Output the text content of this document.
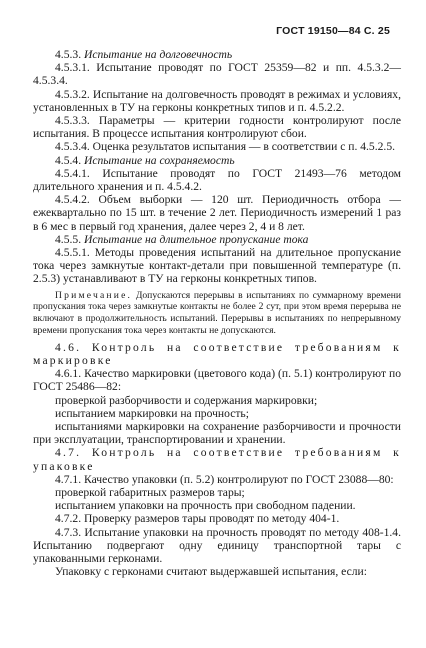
ГОСТ 19150—84 С. 25

4.5.3. Испытание на долговечность

4.5.3.1. Испытание проводят по ГОСТ 25359—82 и пп. 4.5.3.2—4.5.3.4.

4.5.3.2. Испытание на долговечность проводят в режимах и условиях, установленных в ТУ на герконы конкретных типов и п. 4.5.2.2.

4.5.3.3. Параметры — критерии годности контролируют после испытания. В процессе испытания контролируют сбои.

4.5.3.4. Оценка результатов испытания — в соответствии с п. 4.5.2.5.

4.5.4. Испытание на сохраняемость

4.5.4.1. Испытание проводят по ГОСТ 21493—76 методом длительного хранения и п. 4.5.4.2.

4.5.4.2. Объем выборки — 120 шт. Периодичность отбора — ежеквартально по 15 шт. в течение 2 лет. Периодичность измерений 1 раз в 6 мес в первый год хранения, далее через 2, 4 и 8 лет.

4.5.5. Испытание на длительное пропускание тока

4.5.5.1. Методы проведения испытаний на длительное пропускание тока через замкнутые контакт-детали при повышенной температуре (п. 2.5.3) устанавливают в ТУ на герконы конкретных типов.

Примечание. Допускаются перерывы в испытаниях по суммарному времени пропускания тока через замкнутые контакты не более 2 сут, при этом время перерыва не включают в продолжительность испытаний. Перерывы в испытаниях по непрерывному времени пропускания тока через контакты не допускаются.

4.6. Контроль на соответствие требованиям к маркировке

4.6.1. Качество маркировки (цветового кода) (п. 5.1) контролируют по ГОСТ 25486—82:

проверкой разборчивости и содержания маркировки;

испытанием маркировки на прочность;

испытаниями маркировки на сохранение разборчивости и прочности при эксплуатации, транспортировании и хранении.

4.7. Контроль на соответствие требованиям к упаковке

4.7.1. Качество упаковки (п. 5.2) контролируют по ГОСТ 23088—80:

проверкой габаритных размеров тары;

испытанием упаковки на прочность при свободном падении.

4.7.2. Проверку размеров тары проводят по методу 404-1.

4.7.3. Испытание упаковки на прочность проводят по методу 408-1.4. Испытанию подвергают одну единицу транспортной тары с упакованными герконами.

Упаковку с герконами считают выдержавшей испытания, если:
